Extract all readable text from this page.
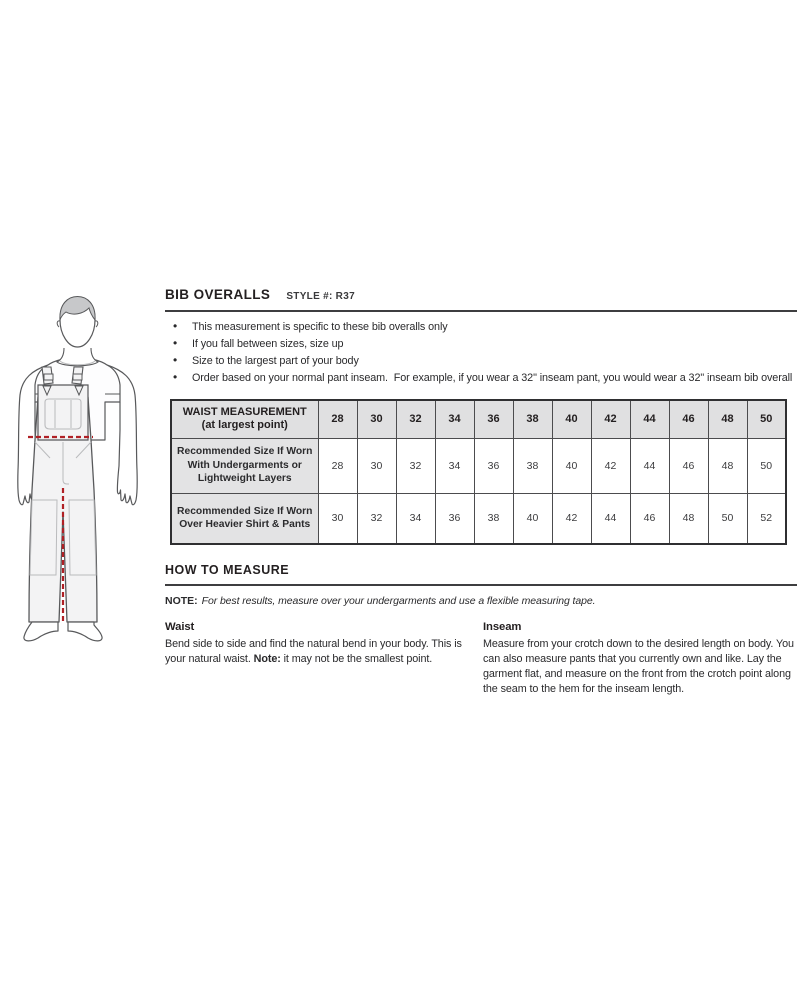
BIB OVERALLS STYLE #: R37
• This measurement is specific to these bib overalls only
• If you fall between sizes, size up
• Size to the largest part of your body
• Order based on your normal pant inseam.  For example, if you wear a 32" inseam pant, you would wear a 32" inseam bib overall
WAIST MEASUREMENT
(at largest point)	28	30	32	34	36	38	40	42	44	46	48	50
Recommended Size If Worn With Undergarments or Lightweight Layers	28	30	32	34	36	38	40	42	44	46	48	50
Recommended Size If Worn Over Heavier Shirt & Pants	30	32	34	36	38	40	42	44	46	48	50	52
HOW TO MEASURE

NOTE: For best results, measure over your undergarments and use a flexible measuring tape.

Waist

Bend side to side and find the natural bend in your body. This is your natural waist. Note: it may not be the smallest point.

Inseam

Measure from your crotch down to the desired length on body. You can also measure pants that you currently own and like. Lay the garment flat, and measure on the front from the crotch point along the seam to the hem for the inseam length.
